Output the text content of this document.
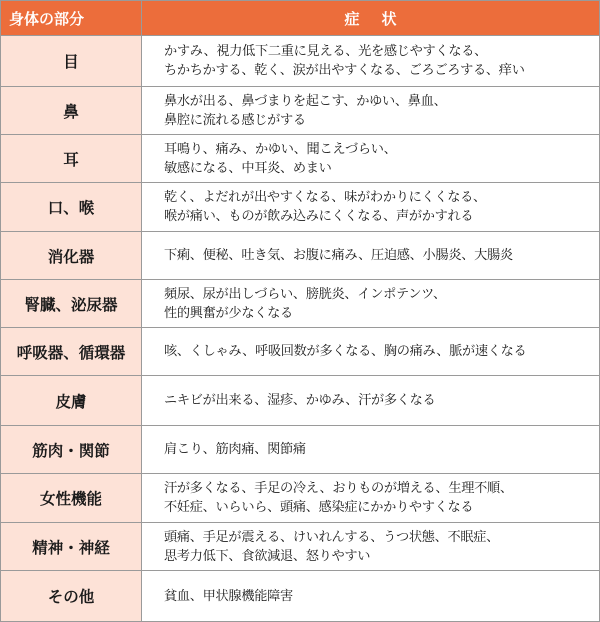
身体の部分	症状
目	かすみ、視力低下二重に見える、光を感じやすくなる、
ちかちかする、乾く、涙が出やすくなる、ごろごろする、痒い
鼻	鼻水が出る、鼻づまりを起こす、かゆい、鼻血、
鼻腔に流れる感じがする
耳	耳鳴り、痛み、かゆい、聞こえづらい、
敏感になる、中耳炎、めまい
口、喉	乾く、よだれが出やすくなる、味がわかりにくくなる、
喉が痛い、ものが飲み込みにくくなる、声がかすれる
消化器	下痢、便秘、吐き気、お腹に痛み、圧迫感、小腸炎、大腸炎
腎臓、泌尿器	頻尿、尿が出しづらい、膀胱炎、インポテンツ、
性的興奮が少なくなる
呼吸器、循環器	咳、くしゃみ、呼吸回数が多くなる、胸の痛み、脈が速くなる
皮膚	ニキビが出来る、湿疹、かゆみ、汗が多くなる
筋肉・関節	肩こり、筋肉痛、関節痛
女性機能	汗が多くなる、手足の冷え、おりものが増える、生理不順、
不妊症、いらいら、頭痛、感染症にかかりやすくなる
精神・神経	頭痛、手足が震える、けいれんする、うつ状態、不眠症、
思考力低下、食欲減退、怒りやすい
その他	貧血、甲状腺機能障害
